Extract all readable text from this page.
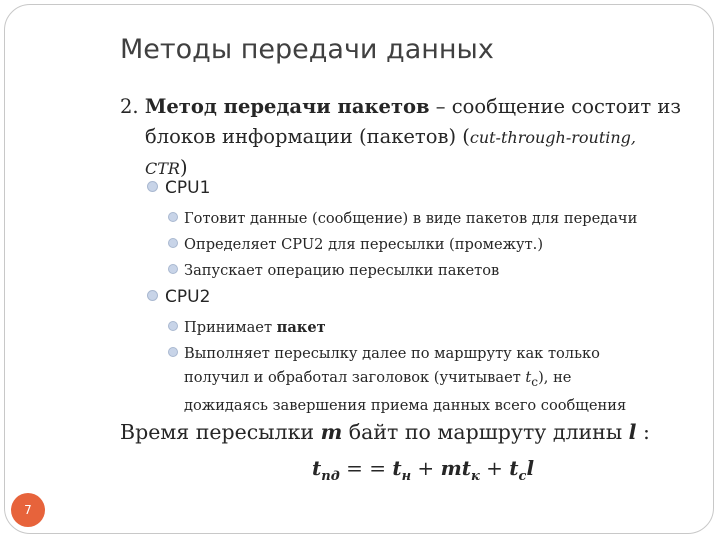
Методы передачи данных
2. Метод передачи пакетов – сообщение состоит из
блоков информации (пакетов) (cut-through-routing,
CTR)
CPU1
Готовит данные (сообщение) в виде пакетов для передачи
Определяет CPU2 для пересылки (промежут.)
Запускает операцию пересылки пакетов
CPU2
Принимает пакет
Выполняет пересылку далее по маршруту как только
получил и обработал заголовок (учитывает $t_c$), не
дожидаясь завершения приема данных всего сообщения
Время пересылки m байт по маршруту длины l :
$t_{пд}$ = = $t_н + mt_к + t_сl$
7
